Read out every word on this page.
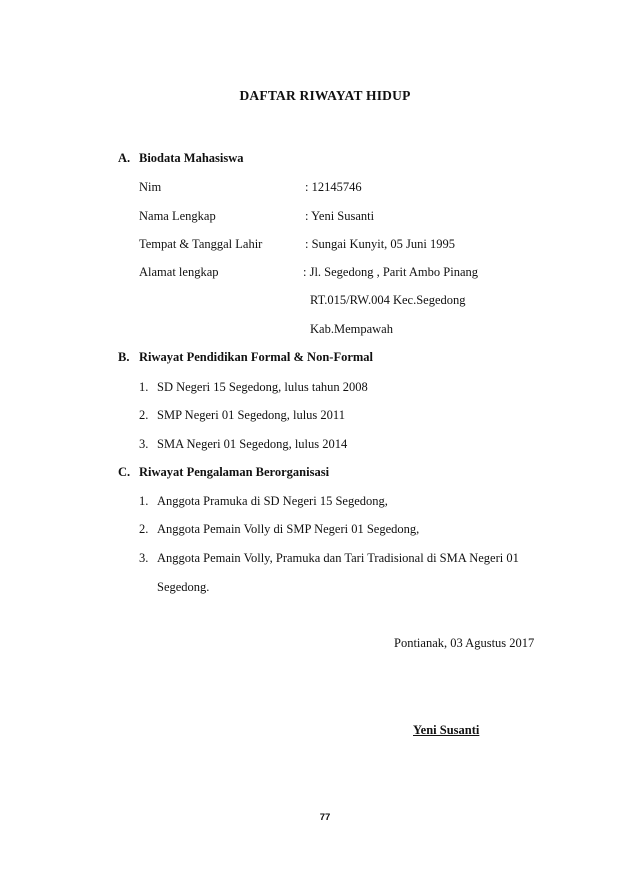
DAFTAR RIWAYAT HIDUP
A. Biodata Mahasiswa
Nim	: 12145746
Nama Lengkap	: Yeni Susanti
Tempat & Tanggal Lahir	: Sungai Kunyit, 05 Juni 1995
Alamat lengkap	: Jl. Segedong , Parit Ambo Pinang
RT.015/RW.004 Kec.Segedong
Kab.Mempawah
B. Riwayat Pendidikan Formal & Non-Formal
1. SD Negeri 15 Segedong, lulus tahun 2008
2. SMP Negeri 01 Segedong, lulus 2011
3. SMA Negeri 01 Segedong, lulus 2014
C. Riwayat Pengalaman Berorganisasi
1. Anggota Pramuka di SD Negeri 15 Segedong,
2. Anggota Pemain Volly di SMP Negeri 01 Segedong,
3. Anggota Pemain Volly, Pramuka dan Tari Tradisional di SMA Negeri 01
Segedong.
Pontianak, 03 Agustus 2017
Yeni Susanti
77
